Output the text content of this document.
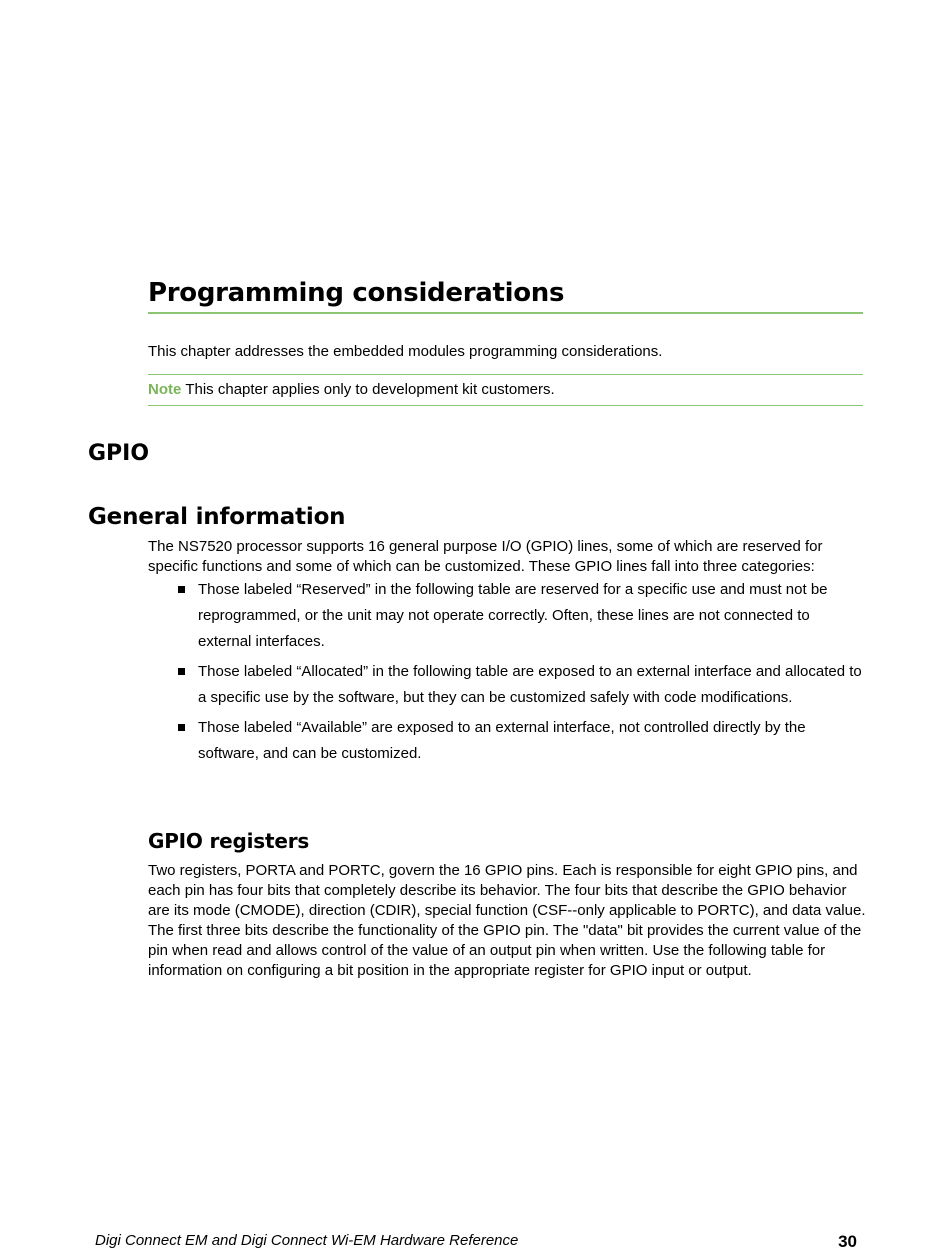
Programming considerations

This chapter addresses the embedded modules programming considerations.

Note This chapter applies only to development kit customers.
GPIO
General information

The NS7520 processor supports 16 general purpose I/O (GPIO) lines, some of which are reserved for specific functions and some of which can be customized. These GPIO lines fall into three categories:

Those labeled “Reserved” in the following table are reserved for a specific use and must not be reprogrammed, or the unit may not operate correctly. Often, these lines are not connected to external interfaces.
Those labeled “Allocated” in the following table are exposed to an external interface and allocated to a specific use by the software, but they can be customized safely with code modifications.
Those labeled “Available” are exposed to an external interface, not controlled directly by the software, and can be customized.
GPIO registers

Two registers, PORTA and PORTC, govern the 16 GPIO pins. Each is responsible for eight GPIO pins, and each pin has four bits that completely describe its behavior. The four bits that describe the GPIO behavior are its mode (CMODE), direction (CDIR), special function (CSF--only applicable to PORTC), and data value. The first three bits describe the functionality of the GPIO pin. The "data" bit provides the current value of the pin when read and allows control of the value of an output pin when written. Use the following table for information on configuring a bit position in the appropriate register for GPIO input or output.

Digi Connect EM and Digi Connect Wi-EM Hardware Reference	30
